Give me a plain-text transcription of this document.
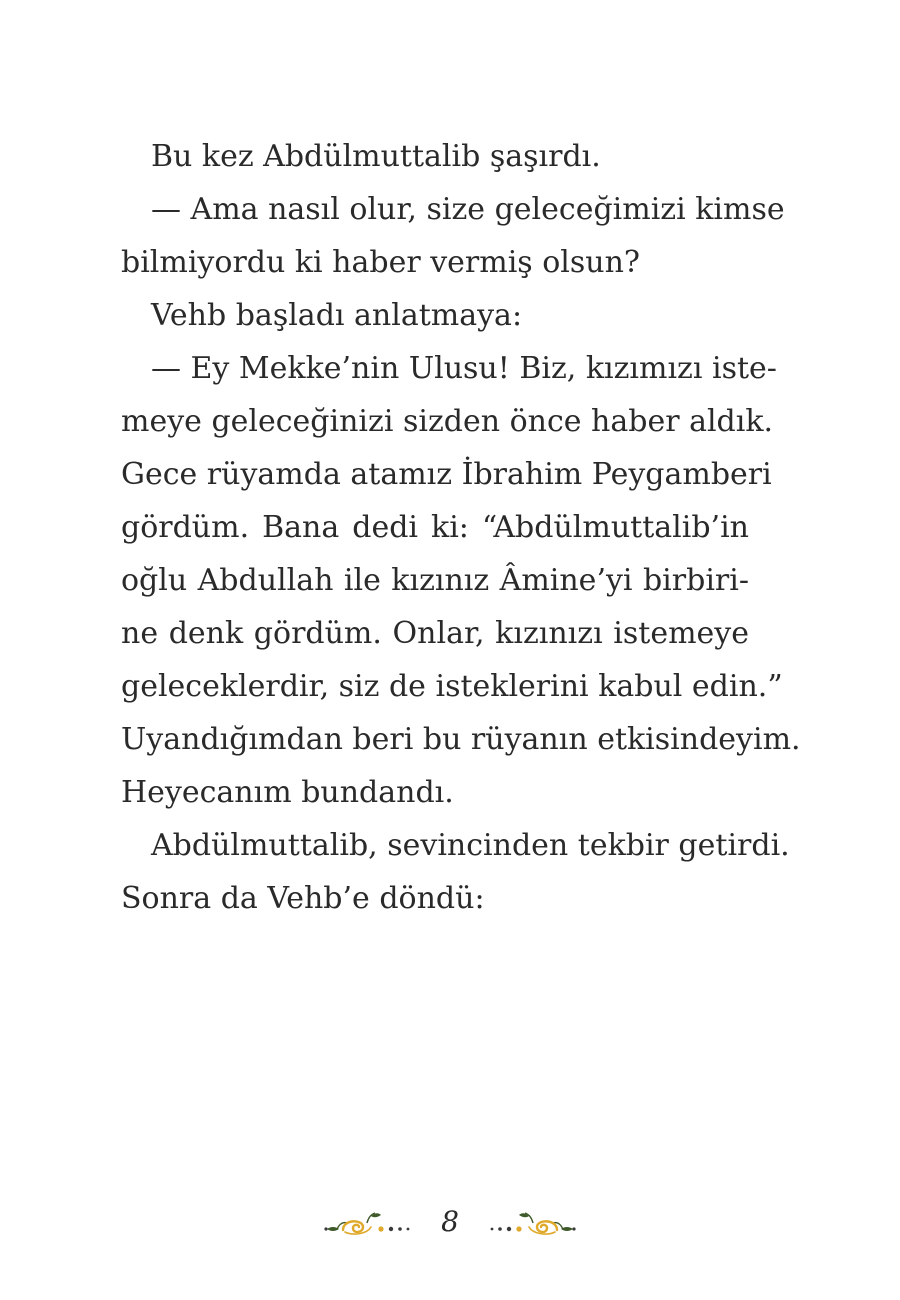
Bu kez Abdülmuttalib şaşırdı.
— Ama nasıl olur, size geleceğimizi kimse
bilmiyordu ki haber vermiş olsun?
Vehb başladı anlatmaya:
— Ey Mekke’nin Ulusu! Biz, kızımızı iste-
meye geleceğinizi sizden önce haber aldık.
Gece rüyamda atamız İbrahim Peygamberi
gördüm. Bana dedi ki: “Abdülmuttalib’in
oğlu Abdullah ile kızınız Âmine’yi birbiri-
ne denk gördüm. Onlar, kızınızı istemeye
geleceklerdir, siz de isteklerini kabul edin.”
Uyandığımdan beri bu rüyanın etkisindeyim.
Heyecanım bundandı.
Abdülmuttalib, sevincinden tekbir getirdi.
Sonra da Vehb’e döndü:
8
